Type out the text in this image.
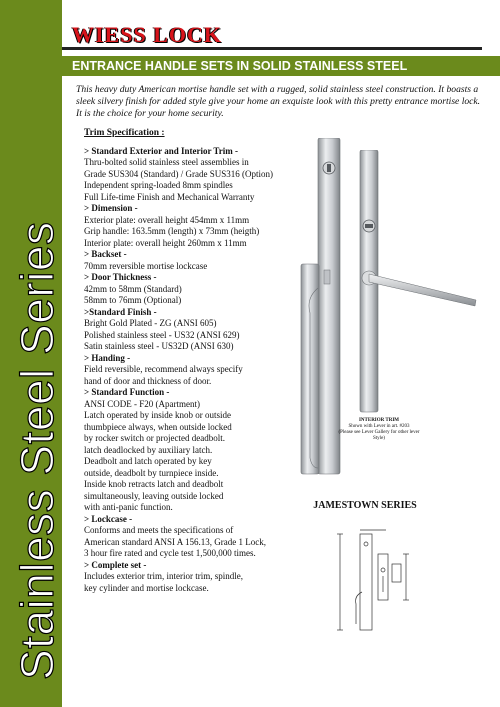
Stainless Steel Series
WIESS LOCK
ENTRANCE HANDLE SETS IN SOLID STAINLESS STEEL
This heavy duty American mortise handle set with a rugged, solid stainless steel construction. It boasts a sleek silvery finish for added style give your home an exquiste look with this pretty entrance mortise lock. It is the choice for your home security.
Trim Specification :
> Standard Exterior and Interior Trim -
Thru-bolted solid stainless steel assemblies in
Grade SUS304 (Standard) / Grade SUS316 (Option)
Independent spring-loaded 8mm spindles
Full Life-time Finish and Mechanical Warranty
> Dimension -
Exterior plate: overall height 454mm x 11mm
Grip handle: 163.5mm (length) x 73mm (heigth)
Interior plate: overall height 260mm x 11mm
> Backset -
70mm reversible mortise lockcase
> Door Thickness -
42mm to 58mm (Standard)
58mm to 76mm (Optional)
>Standard Finish -
Bright Gold Plated - ZG (ANSI 605)
Polished stainless steel - US32 (ANSI 629)
Satin stainless steel - US32D (ANSI 630)
> Handing -
Field reversible, recommend always specify
hand of door and thickness of door.
> Standard Function -
ANSI CODE - F20 (Apartment)
Latch operated by inside knob or outside
thumbpiece always, when outside locked
by rocker switch or projected deadbolt.
latch deadlocked by auxiliary latch.
Deadbolt and latch operated by key
outside, deadbolt by turnpiece inside.
Inside knob retracts latch and deadbolt
simultaneously, leaving outside locked
with anti-panic function.
> Lockcase -
Conforms and meets the specifications of
American standard ANSI A 156.13, Grade 1 Lock,
3 hour fire rated and cycle test 1,500,000 times.
> Complete set -
Includes exterior trim, interior trim, spindle,
key cylinder and mortise lockcase.
INTERIOR TRIM
Shown with Lever in art. #203
(Please see Lever Gallery for other lever Style)
JAMESTOWN SERIES
